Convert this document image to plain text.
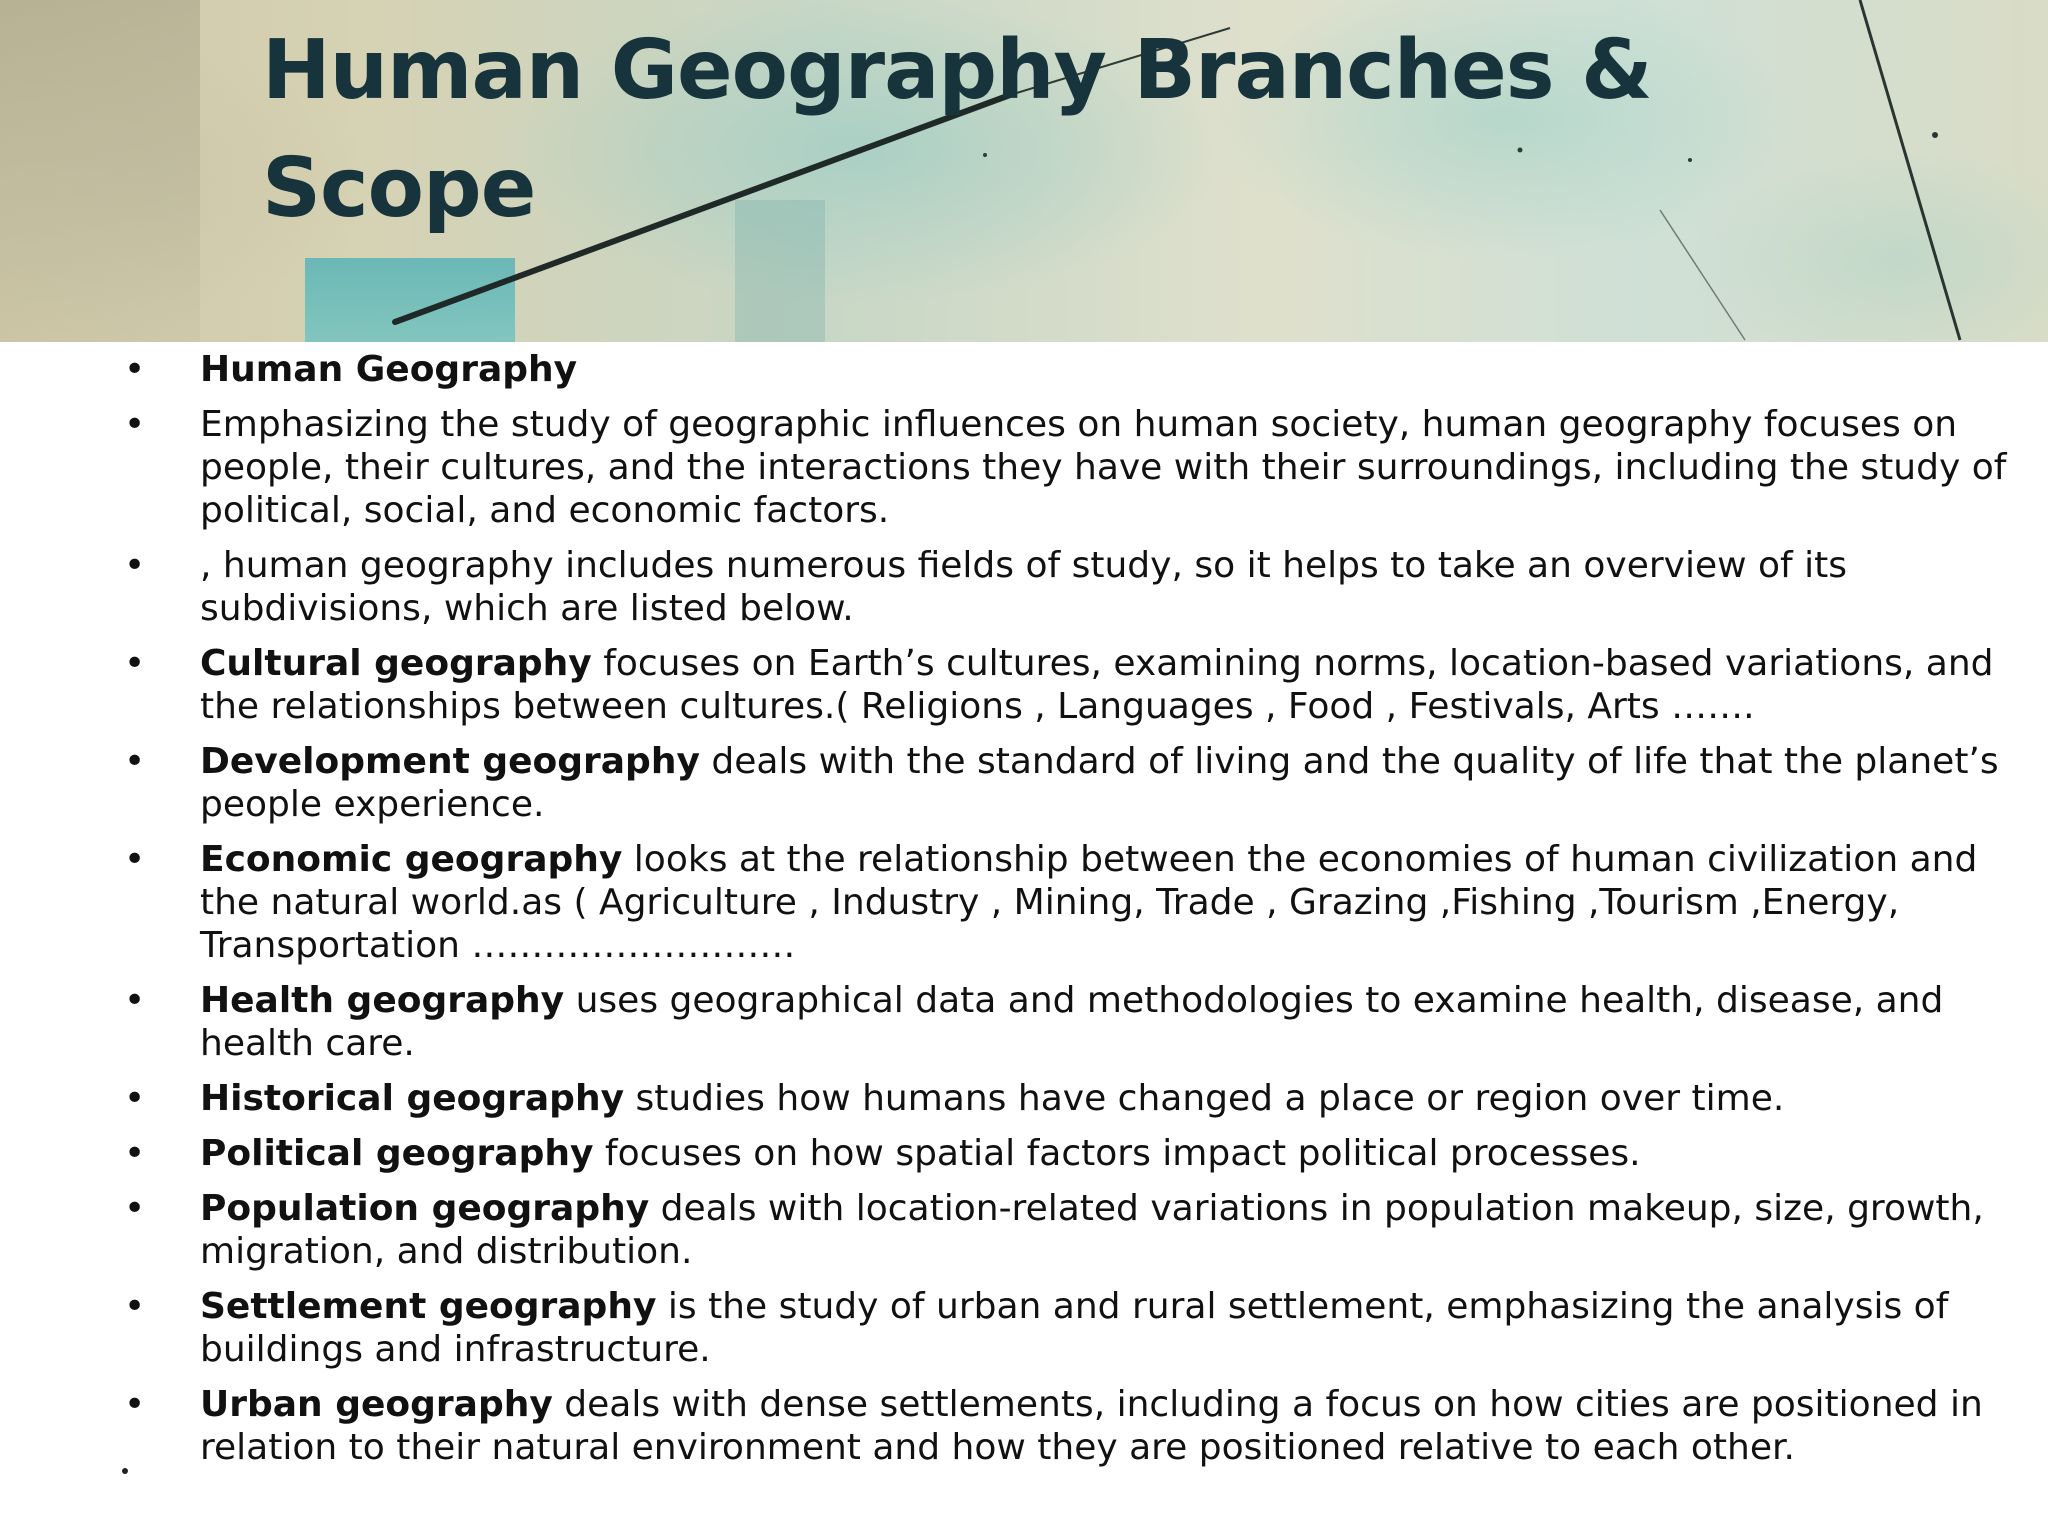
Human Geography Branches & Scope
• Human Geography
• Emphasizing the study of geographic influences on human society, human geography focuses on people, their cultures, and the interactions they have with their surroundings, including the study of political, social, and economic factors.
• , human geography includes numerous fields of study, so it helps to take an overview of its subdivisions, which are listed below.
• Cultural geography focuses on Earth’s cultures, examining norms, location-based variations, and the relationships between cultures.( Religions , Languages , Food , Festivals, Arts …….
• Development geography deals with the standard of living and the quality of life that the planet’s people experience.
• Economic geography looks at the relationship between the economies of human civilization and the natural world.as ( Agriculture , Industry , Mining, Trade , Grazing ,Fishing ,Tourism ,Energy, Transportation ………………………
• Health geography uses geographical data and methodologies to examine health, disease, and health care.
• Historical geography studies how humans have changed a place or region over time.
• Political geography focuses on how spatial factors impact political processes.
• Population geography deals with location-related variations in population makeup, size, growth, migration, and distribution.
• Settlement geography is the study of urban and rural settlement, emphasizing the analysis of buildings and infrastructure.
• Urban geography deals with dense settlements, including a focus on how cities are positioned in relation to their natural environment and how they are positioned relative to each other.
